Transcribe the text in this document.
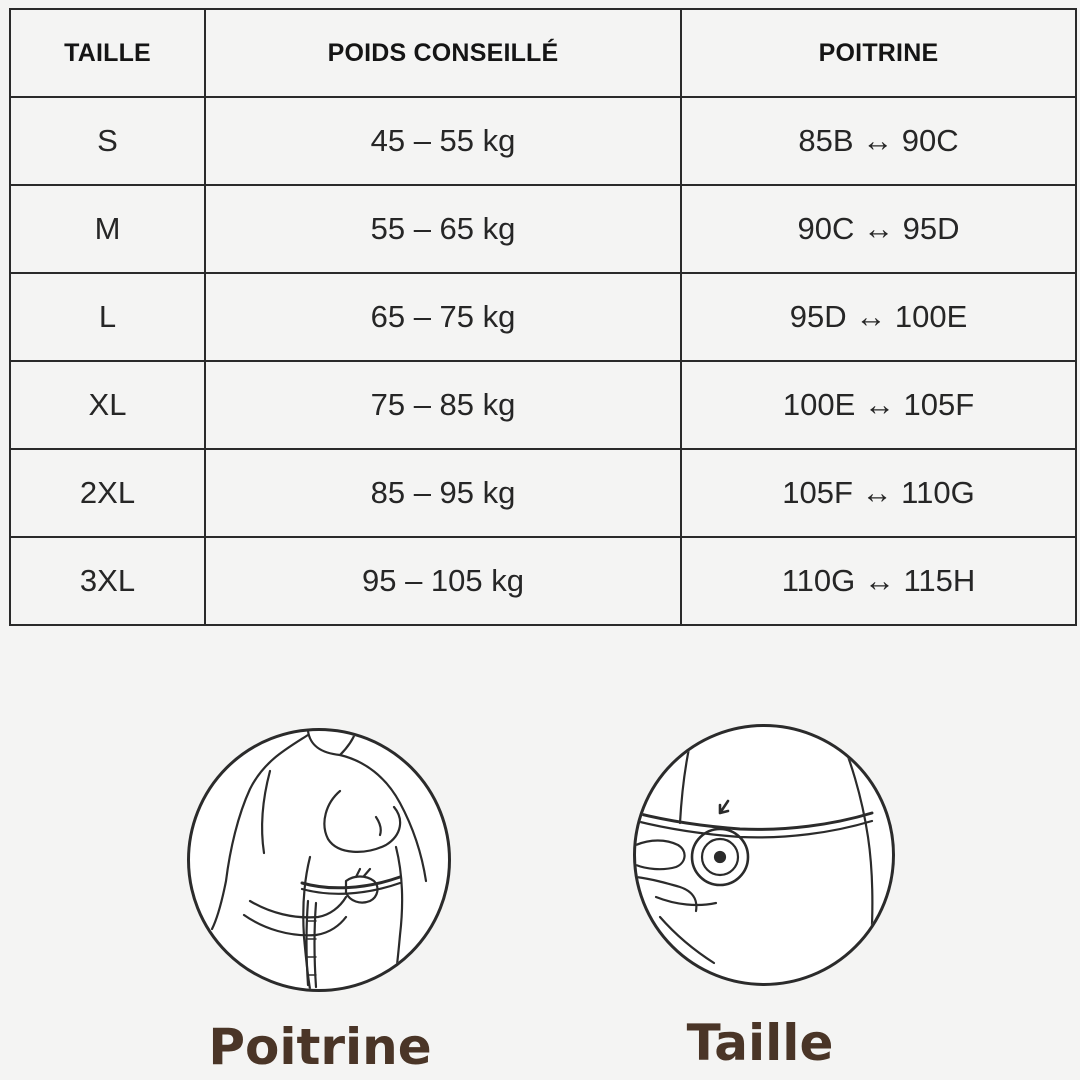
TAILLE	POIDS CONSEILLÉ	POITRINE
S	45 – 55 kg	85B ↔ 90C
M	55 – 65 kg	90C ↔ 95D
L	65 – 75 kg	95D ↔ 100E
XL	75 – 85 kg	100E ↔ 105F
2XL	85 – 95 kg	105F ↔ 110G
3XL	95 – 105 kg	110G ↔ 115H
Poitrine	Taille
